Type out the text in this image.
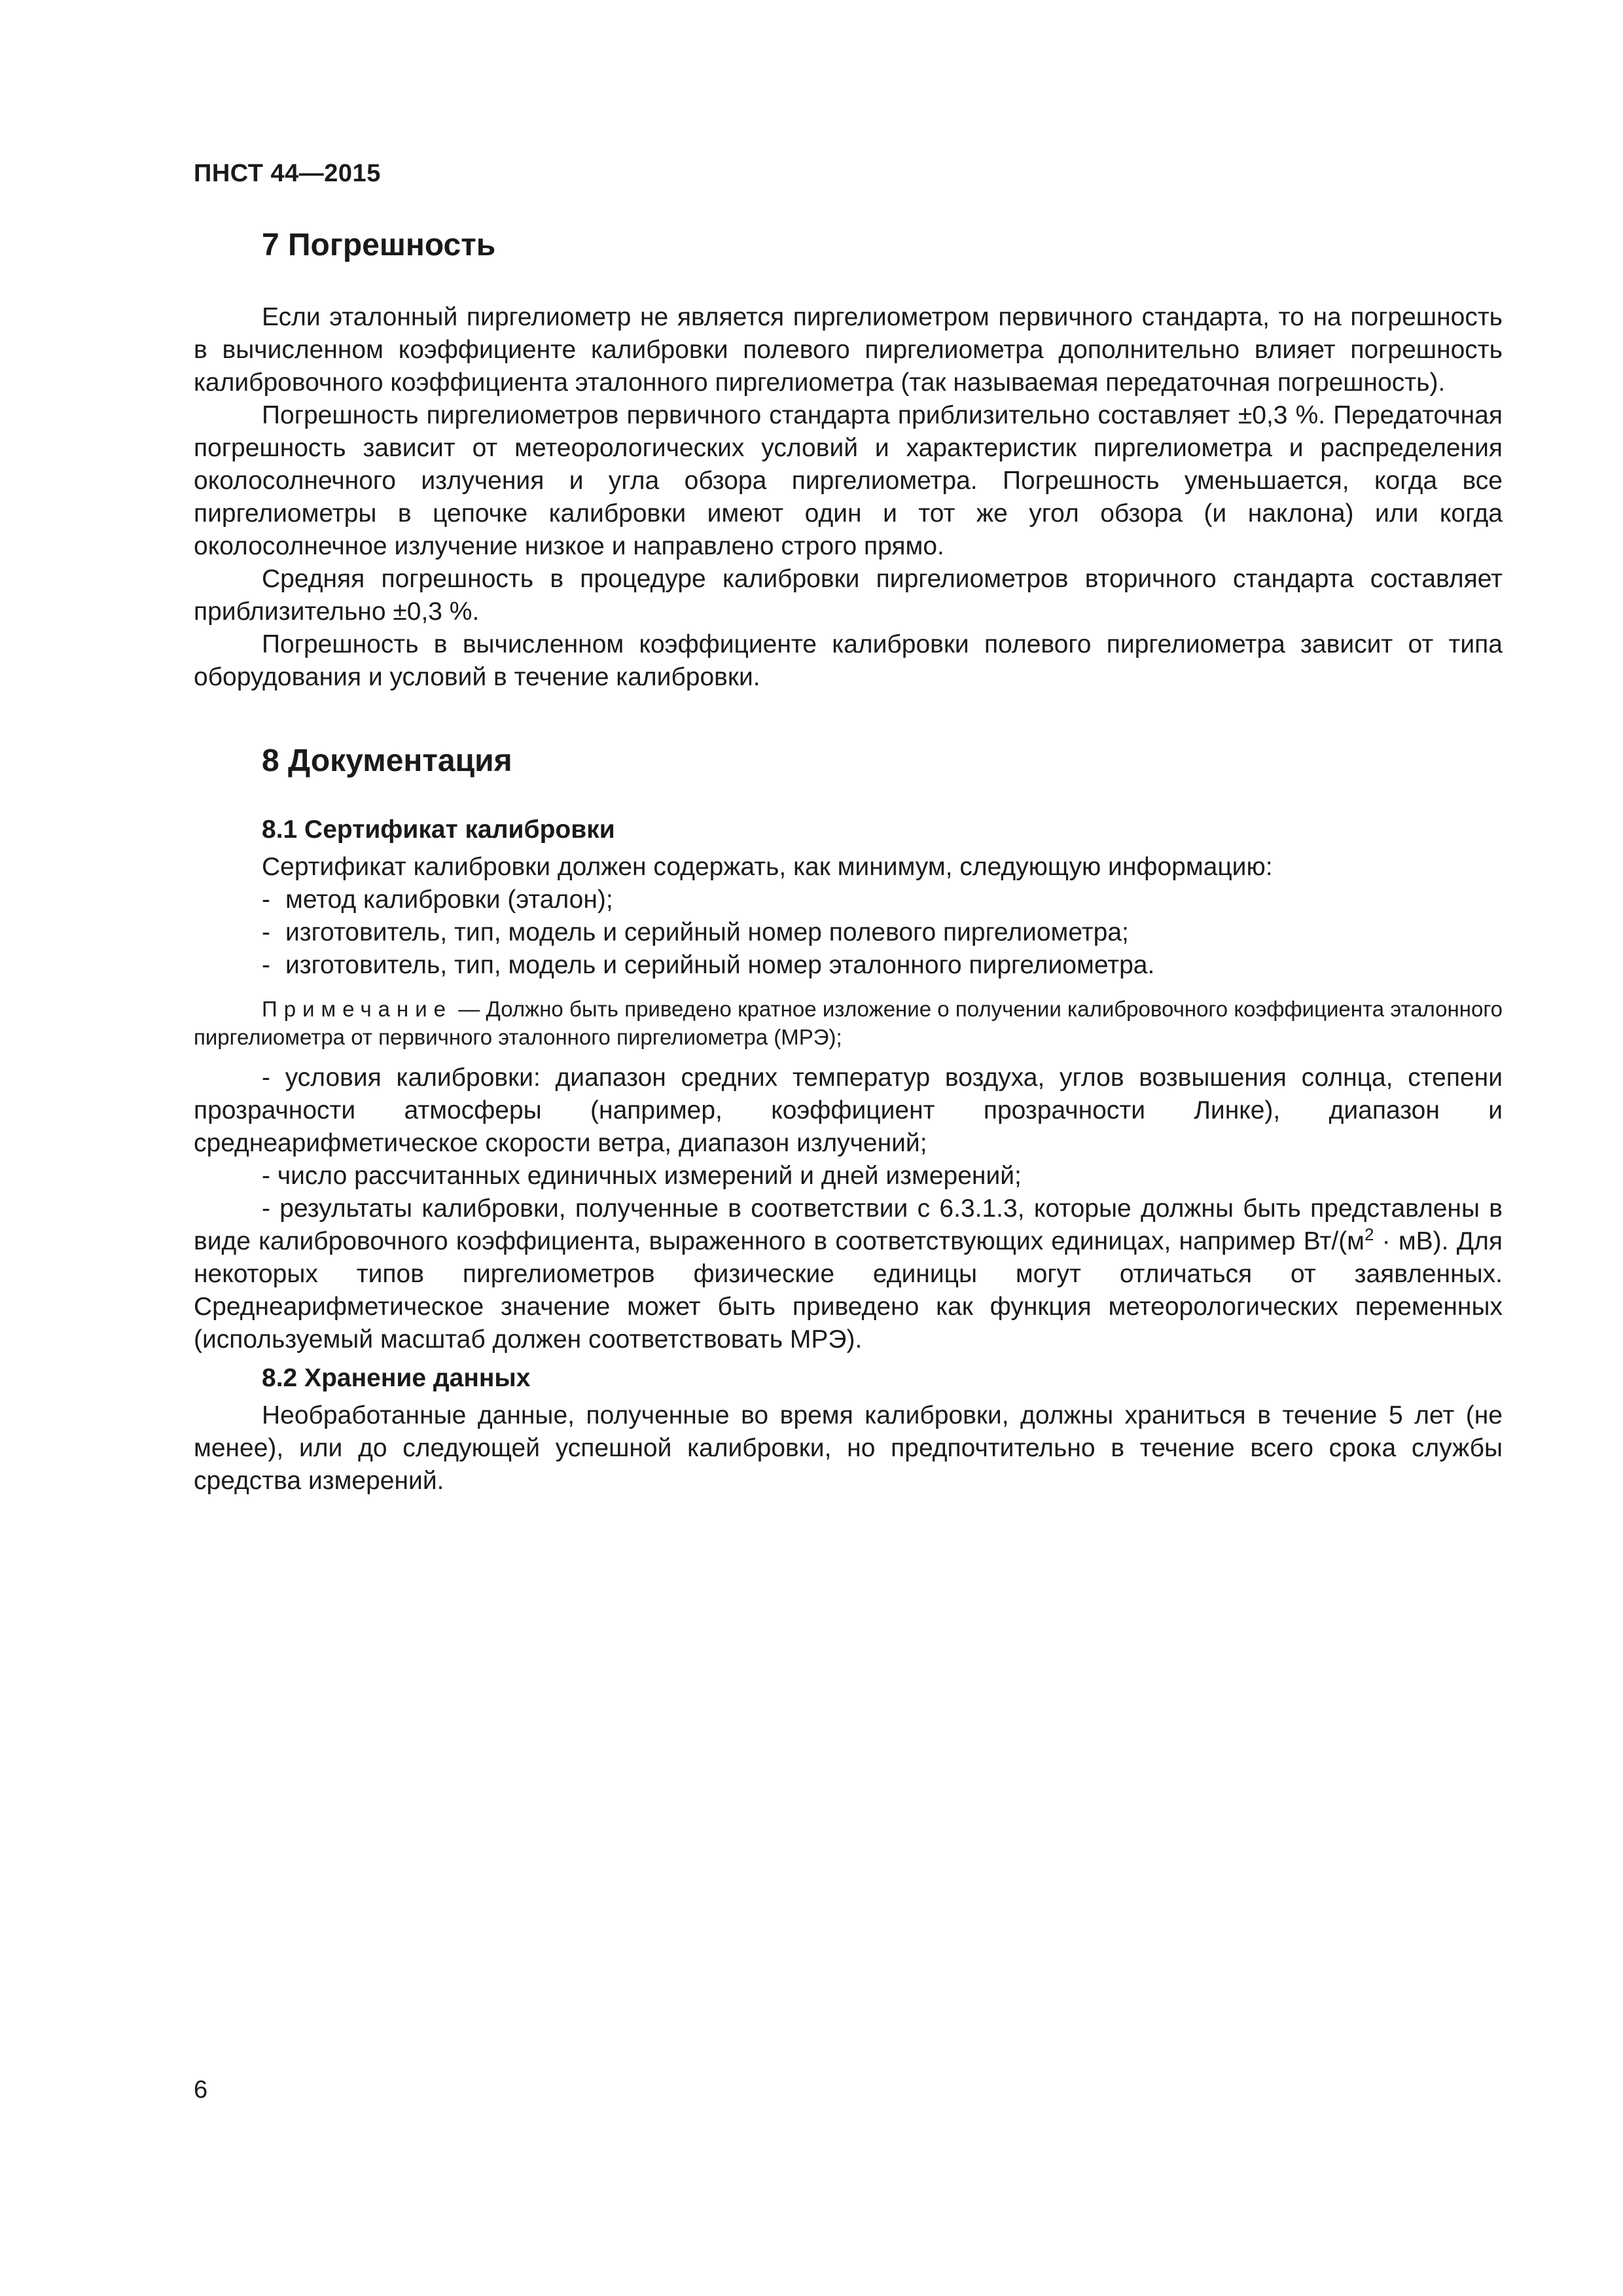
ПНСТ 44—2015
7 Погрешность

Если эталонный пиргелиометр не является пиргелиометром первичного стандарта, то на погрешность в вычисленном коэффициенте калибровки полевого пиргелиометра дополнительно влияет погрешность калибровочного коэффициента эталонного пиргелиометра (так называемая передаточная погрешность).

Погрешность пиргелиометров первичного стандарта приблизительно составляет ±0,3 %. Передаточная погрешность зависит от метеорологических условий и характеристик пиргелиометра и распределения околосолнечного излучения и угла обзора пиргелиометра. Погрешность уменьшается, когда все пиргелиометры в цепочке калибровки имеют один и тот же угол обзора (и наклона) или когда околосолнечное излучение низкое и направлено строго прямо.

Средняя погрешность в процедуре калибровки пиргелиометров вторичного стандарта составляет приблизительно ±0,3 %.

Погрешность в вычисленном коэффициенте калибровки полевого пиргелиометра зависит от типа оборудования и условий в течение калибровки.

8 Документация
8.1 Сертификат калибровки

Сертификат калибровки должен содержать, как минимум, следующую информацию:

- метод калибровки (эталон);
- изготовитель, тип, модель и серийный номер полевого пиргелиометра;
- изготовитель, тип, модель и серийный номер эталонного пиргелиометра.

Примечание — Должно быть приведено кратное изложение о получении калибровочного коэффициента эталонного пиргелиометра от первичного эталонного пиргелиометра (МРЭ);

- условия калибровки: диапазон средних температур воздуха, углов возвышения солнца, степени прозрачности атмосферы (например, коэффициент прозрачности Линке), диапазон и среднеарифметическое скорости ветра, диапазон излучений;

- число рассчитанных единичных измерений и дней измерений;

- результаты калибровки, полученные в соответствии с 6.3.1.3, которые должны быть представлены в виде калибровочного коэффициента, выраженного в соответствующих единицах, например $Вт/(м^2 \cdot мВ)$. Для некоторых типов пиргелиометров физические единицы могут отличаться от заявленных. Среднеарифметическое значение может быть приведено как функция метеорологических переменных (используемый масштаб должен соответствовать МРЭ).

8.2 Хранение данных

Необработанные данные, полученные во время калибровки, должны храниться в течение 5 лет (не менее), или до следующей успешной калибровки, но предпочтительно в течение всего срока службы средства измерений.

6
